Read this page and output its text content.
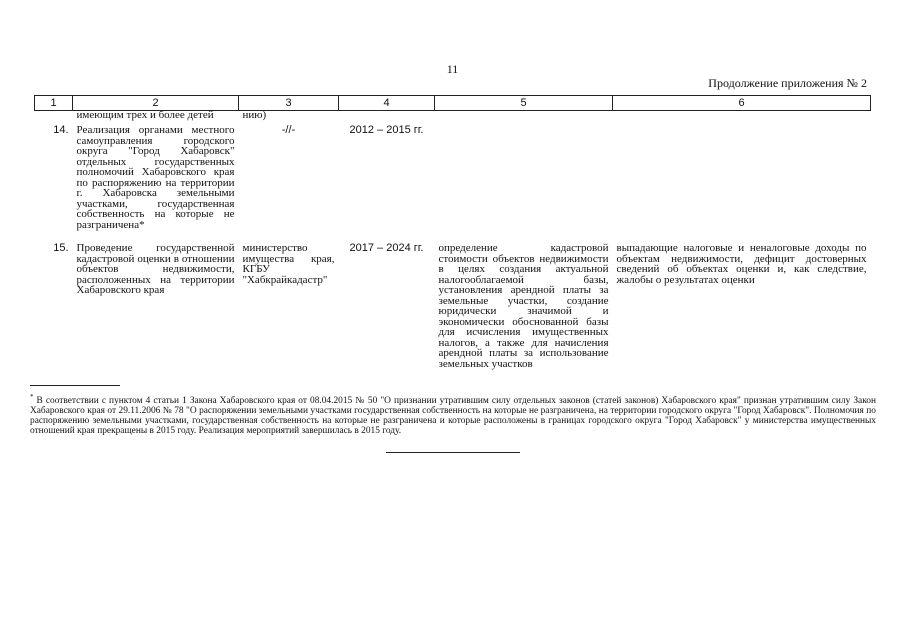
11
Продолжение приложения № 2
1	2	3	4	5	6
	имеющим трех и более детей	нию)			
14.	Реализация органами местного самоуправления городского округа "Город Хабаровск" отдельных государственных полномочий Хабаровского края по распоряжению на территории г. Хабаровска земельными участками, государственная собственность на которые не разграничена*	-//-	2012 – 2015 гг.		
15.	Проведение государственной кадастровой оценки в отношении объектов недвижимости, расположенных на территории Хабаровского края	министерство имущества края, КГБУ "Хабкрайкадастр"	2017 – 2024 гг.	определение кадастровой стоимости объектов недвижимости в целях создания актуальной налогооблагаемой базы, установления арендной платы за земельные участки, создание юридически значимой и экономически обоснованной базы для исчисления имущественных налогов, а также для начисления арендной платы за использование земельных участков	выпадающие налоговые и неналоговые доходы по объектам недвижимости, дефицит достоверных сведений об объектах оценки и, как следствие, жалобы о результатах оценки
* В соответствии с пунктом 4 статьи 1 Закона Хабаровского края от 08.04.2015 № 50 "О признании утратившим силу отдельных законов (статей законов) Хабаровского края" признан утратившим силу Закон Хабаровского края от 29.11.2006 № 78 "О распоряжении земельными участками государственная собственность на которые не разграничена, на территории городского округа "Город Хабаровск". Полномочия по распоряжению земельными участками, государственная собственность на которые не разграничена и которые расположены в границах городского округа "Город Хабаровск" у министерства имущественных отношений края прекращены в 2015 году. Реализация мероприятий завершилась в 2015 году.
